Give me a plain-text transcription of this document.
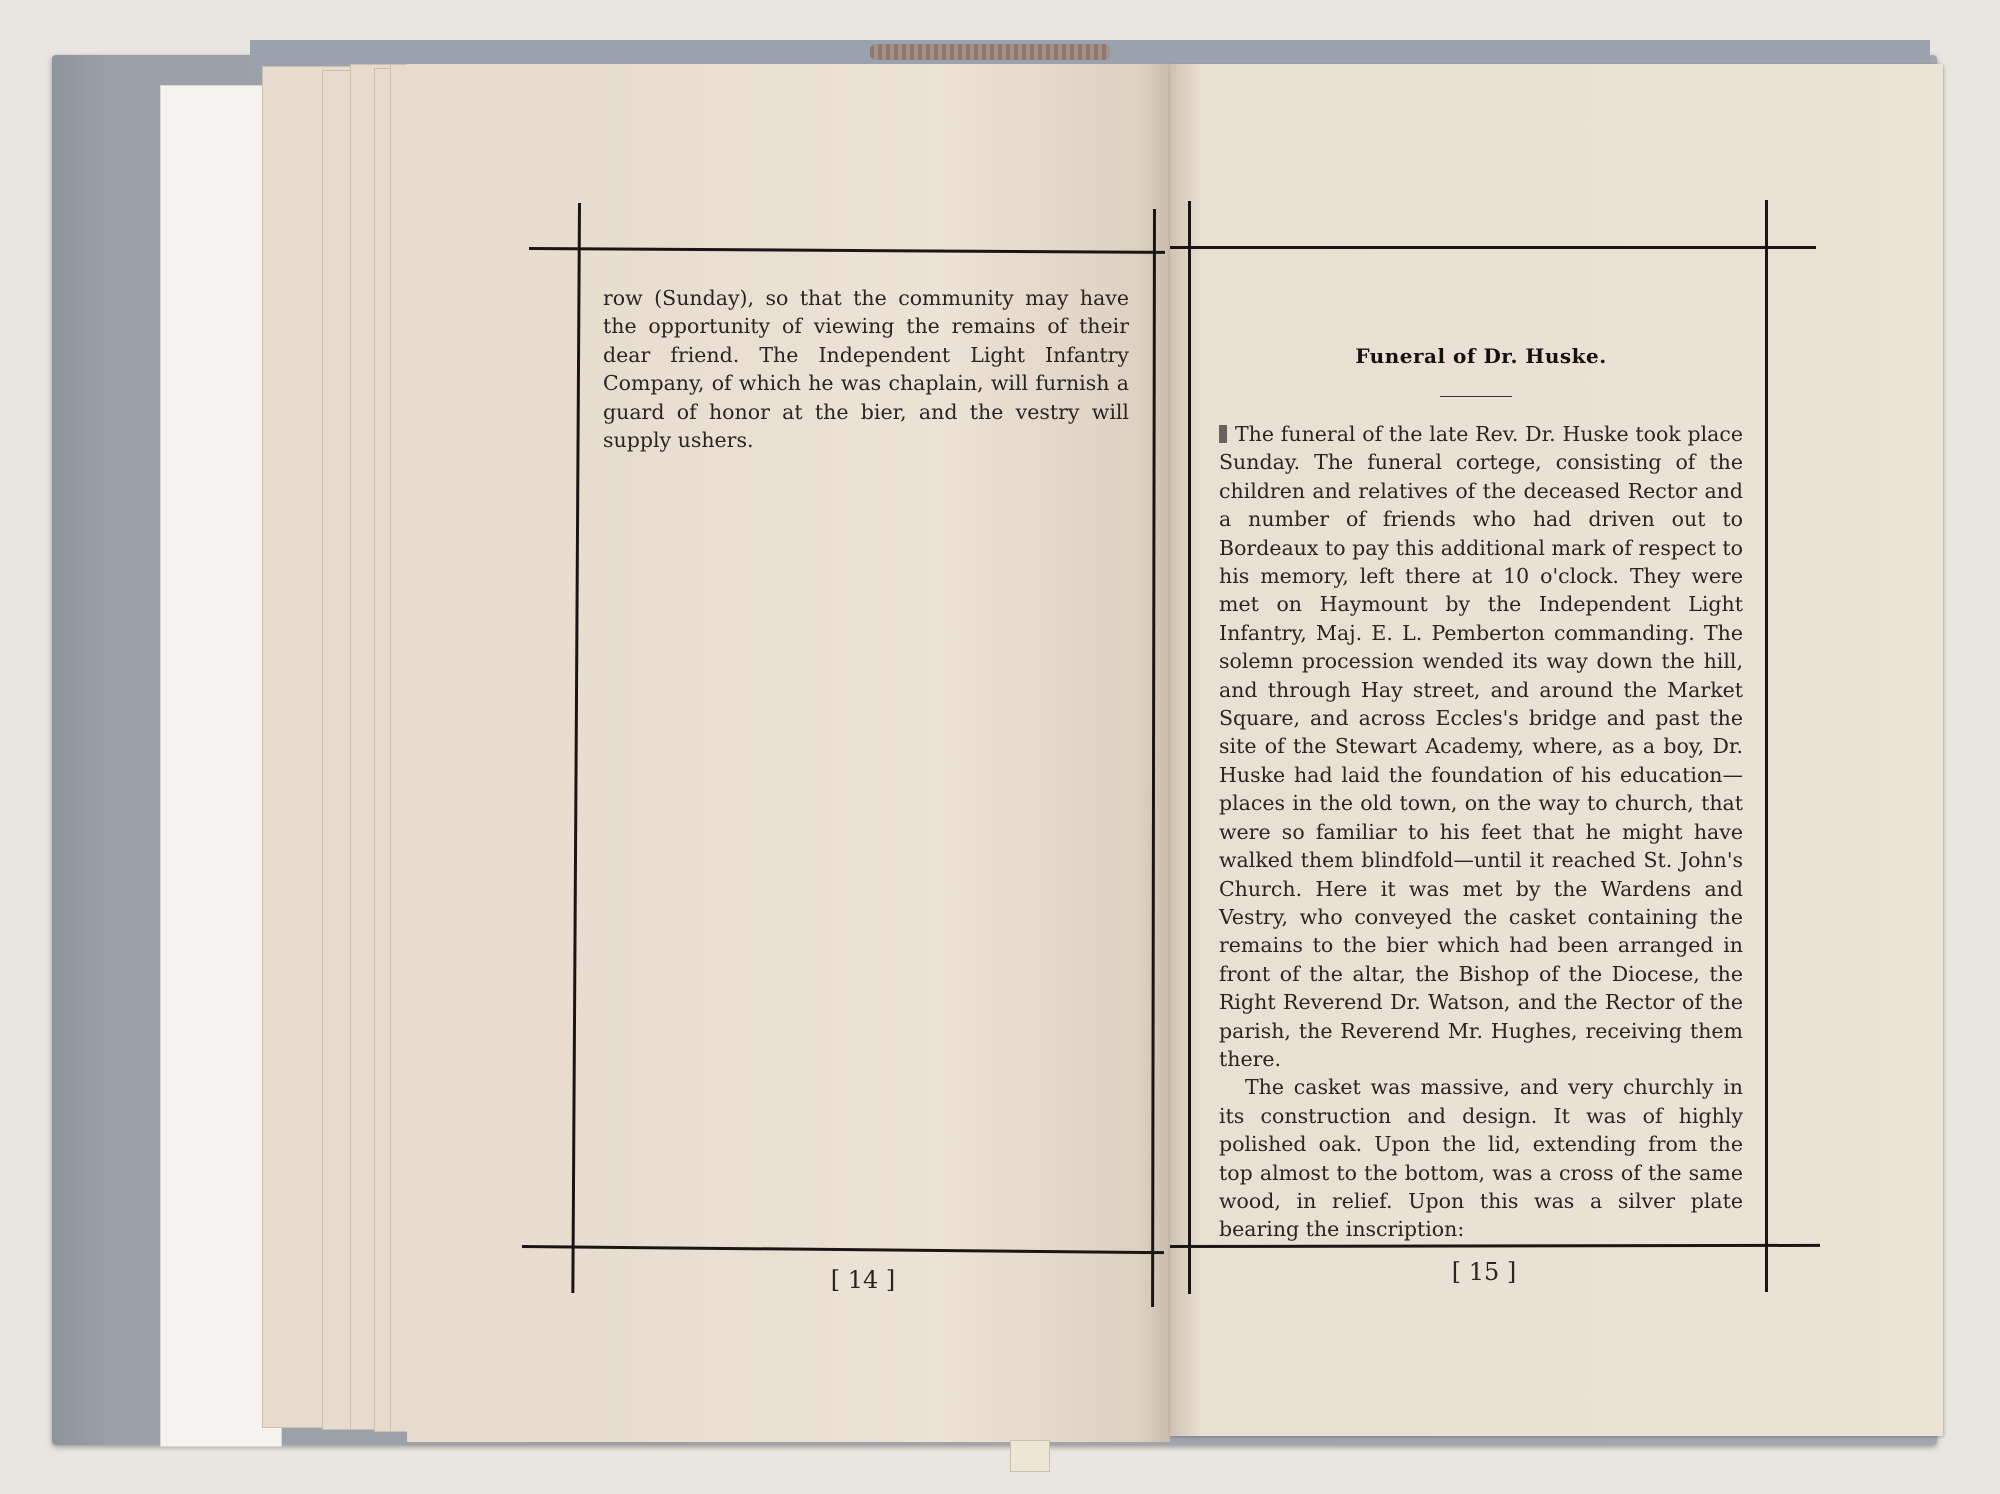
row (Sunday), so that the community may have the opportunity of viewing the remains of their dear friend. The Independent Light Infantry Company, of which he was chaplain, will furnish a guard of honor at the bier, and the vestry will supply ushers.
[ 14 ]
Funeral of Dr. Huske.

The funeral of the late Rev. Dr. Huske took place Sunday. The funeral cortege, consisting of the children and relatives of the deceased Rector and a number of friends who had driven out to Bordeaux to pay this additional mark of respect to his memory, left there at 10 o'clock. They were met on Haymount by the Independent Light Infantry, Maj. E. L. Pemberton commanding. The solemn procession wended its way down the hill, and through Hay street, and around the Market Square, and across Eccles's bridge and past the site of the Stewart Academy, where, as a boy, Dr. Huske had laid the foundation of his education—places in the old town, on the way to church, that were so familiar to his feet that he might have walked them blindfold—until it reached St. John's Church. Here it was met by the Wardens and Vestry, who conveyed the casket containing the remains to the bier which had been arranged in front of the altar, the Bishop of the Diocese, the Right Reverend Dr. Watson, and the Rector of the parish, the Reverend Mr. Hughes, receiving them there.

The casket was massive, and very churchly in its construction and design. It was of highly polished oak. Upon the lid, extending from the top almost to the bottom, was a cross of the same wood, in relief. Upon this was a silver plate bearing the inscription:

[ 15 ]
